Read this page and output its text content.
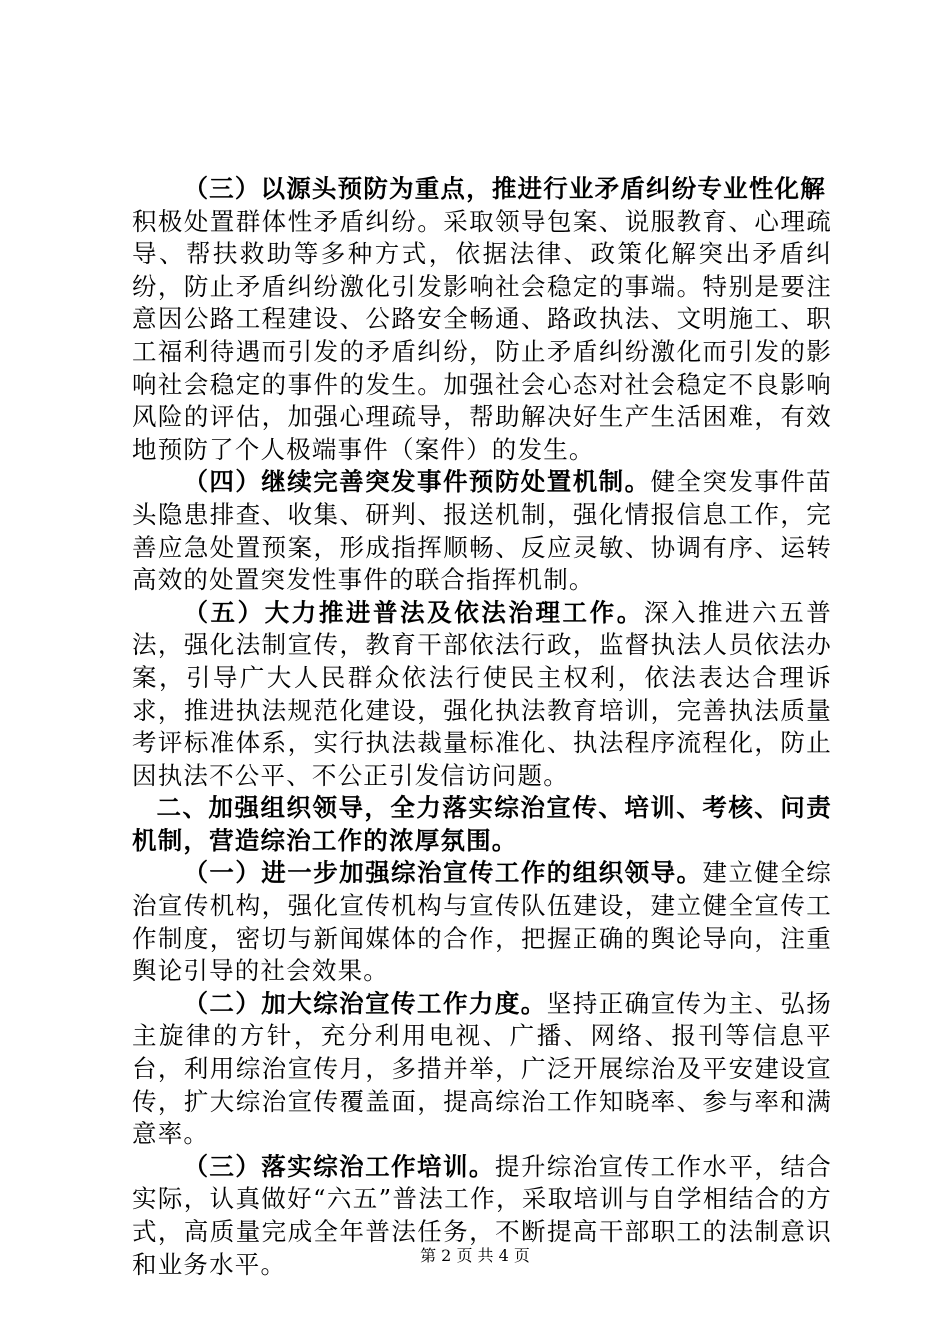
（三）以源头预防为重点，推进行业矛盾纠纷专业性化解

积极处置群体性矛盾纠纷。采取领导包案、说服教育、心理疏导、帮扶救助等多种方式，依据法律、政策化解突出矛盾纠纷，防止矛盾纠纷激化引发影响社会稳定的事端。特别是要注意因公路工程建设、公路安全畅通、路政执法、文明施工、职工福利待遇而引发的矛盾纠纷，防止矛盾纠纷激化而引发的影响社会稳定的事件的发生。加强社会心态对社会稳定不良影响风险的评估，加强心理疏导，帮助解决好生产生活困难，有效地预防了个人极端事件（案件）的发生。

（四）继续完善突发事件预防处置机制。健全突发事件苗头隐患排查、收集、研判、报送机制，强化情报信息工作，完善应急处置预案，形成指挥顺畅、反应灵敏、协调有序、运转高效的处置突发性事件的联合指挥机制。

（五）大力推进普法及依法治理工作。深入推进六五普法，强化法制宣传，教育干部依法行政，监督执法人员依法办案，引导广大人民群众依法行使民主权利，依法表达合理诉求，推进执法规范化建设，强化执法教育培训，完善执法质量考评标准体系，实行执法裁量标准化、执法程序流程化，防止因执法不公平、不公正引发信访问题。

二、加强组织领导，全力落实综治宣传、培训、考核、问责机制，营造综治工作的浓厚氛围。

（一）进一步加强综治宣传工作的组织领导。建立健全综治宣传机构，强化宣传机构与宣传队伍建设，建立健全宣传工作制度，密切与新闻媒体的合作，把握正确的舆论导向，注重舆论引导的社会效果。

（二）加大综治宣传工作力度。坚持正确宣传为主、弘扬主旋律的方针，充分利用电视、广播、网络、报刊等信息平台，利用综治宣传月，多措并举，广泛开展综治及平安建设宣传，扩大综治宣传覆盖面，提高综治工作知晓率、参与率和满意率。

（三）落实综治工作培训。提升综治宣传工作水平，结合实际，认真做好“六五”普法工作，采取培训与自学相结合的方式，高质量完成全年普法任务，不断提高干部职工的法制意识和业务水平。	第 2 页 共 4 页
